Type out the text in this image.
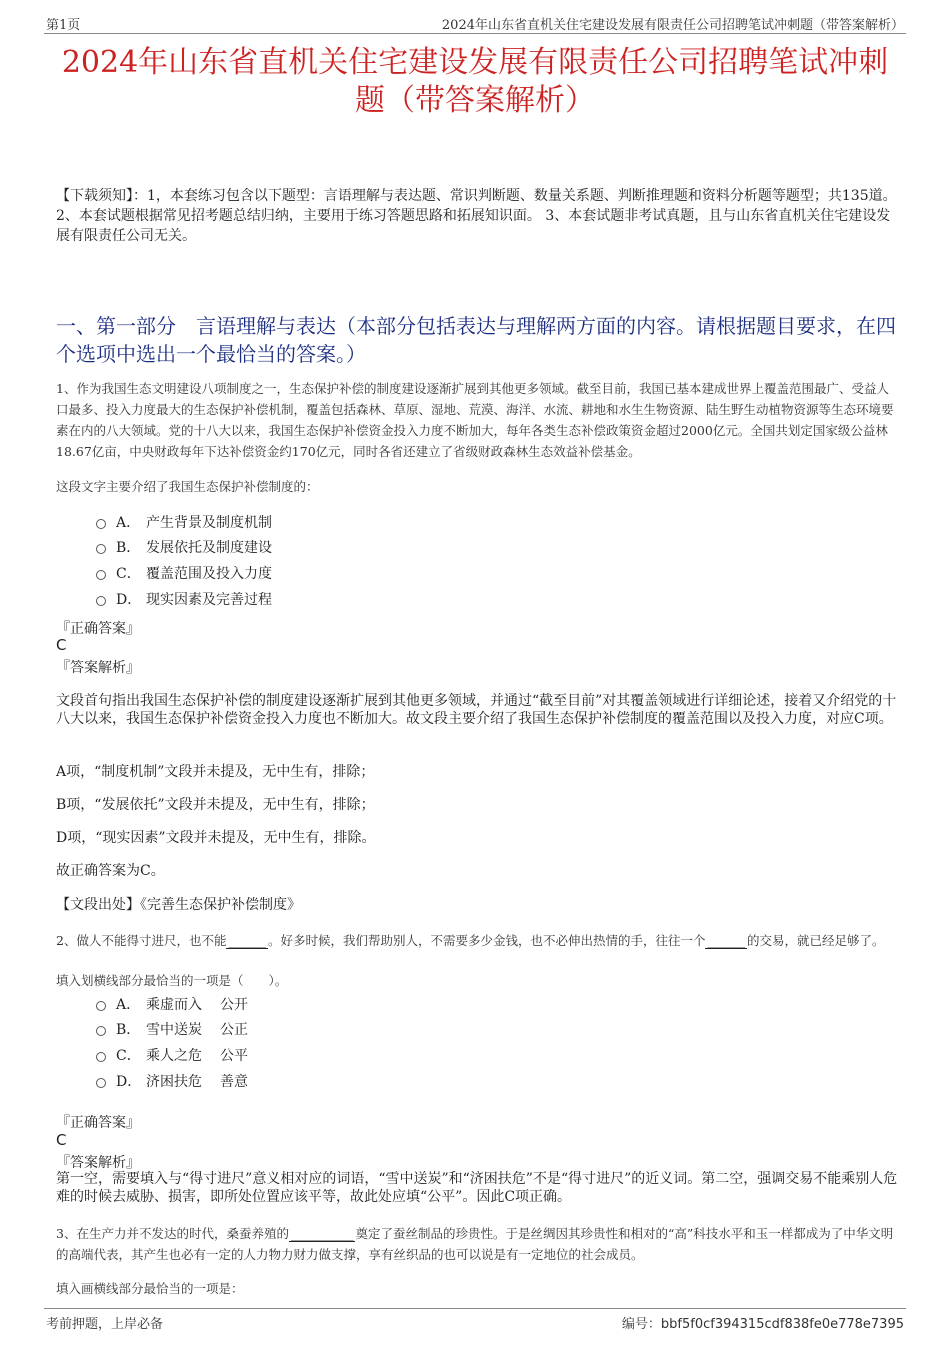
第1页	2024年山东省直机关住宅建设发展有限责任公司招聘笔试冲刺题（带答案解析）
2024年山东省直机关住宅建设发展有限责任公司招聘笔试冲刺题（带答案解析）
【下载须知】：1，本套练习包含以下题型：言语理解与表达题、常识判断题、数量关系题、判断推理题和资料分析题等题型；共135道。 2、本套试题根据常见招考题总结归纳，主要用于练习答题思路和拓展知识面。 3、本套试题非考试真题，且与山东省直机关住宅建设发展有限责任公司无关。
一、第一部分　言语理解与表达（本部分包括表达与理解两方面的内容。请根据题目要求，在四个选项中选出一个最恰当的答案。）
1、作为我国生态文明建设八项制度之一，生态保护补偿的制度建设逐渐扩展到其他更多领域。截至目前，我国已基本建成世界上覆盖范围最广、受益人口最多、投入力度最大的生态保护补偿机制，覆盖包括森林、草原、湿地、荒漠、海洋、水流、耕地和水生生物资源、陆生野生动植物资源等生态环境要素在内的八大领域。党的十八大以来，我国生态保护补偿资金投入力度不断加大，每年各类生态补偿政策资金超过2000亿元。全国共划定国家级公益林18.67亿亩，中央财政每年下达补偿资金约170亿元，同时各省还建立了省级财政森林生态效益补偿基金。
这段文字主要介绍了我国生态保护补偿制度的：
A． 产生背景及制度机制
B． 发展依托及制度建设
C． 覆盖范围及投入力度
D． 现实因素及完善过程
『正确答案』
C
『答案解析』
文段首句指出我国生态保护补偿的制度建设逐渐扩展到其他更多领域，并通过“截至目前”对其覆盖领域进行详细论述，接着又介绍党的十八大以来，我国生态保护补偿资金投入力度也不断加大。故文段主要介绍了我国生态保护补偿制度的覆盖范围以及投入力度，对应C项。
A项，“制度机制”文段并未提及，无中生有，排除；
B项，“发展依托”文段并未提及，无中生有，排除；
D项，“现实因素”文段并未提及，无中生有，排除。
故正确答案为C。
【文段出处】《完善生态保护补偿制度》
2、做人不能得寸进尺，也不能 ______ 。好多时候，我们帮助别人，不需要多少金钱，也不必伸出热情的手，往往一个 ______ 的交易，就已经足够了。
填入划横线部分最恰当的一项是（　　）。
A． 乘虚而入 公开
B． 雪中送炭 公正
C． 乘人之危 公平
D． 济困扶危 善意
『正确答案』
C
『答案解析』
第一空，需要填入与“得寸进尺”意义相对应的词语，“雪中送炭”和“济困扶危”不是“得寸进尺”的近义词。第二空，强调交易不能乘别人危难的时候去威胁、损害，即所处位置应该平等，故此处应填“公平”。因此C项正确。
3、在生产力并不发达的时代，桑蚕养殖的 __________ 奠定了蚕丝制品的珍贵性。于是丝绸因其珍贵性和相对的“高”科技水平和玉一样都成为了中华文明的高端代表，其产生也必有一定的人力物力财力做支撑，享有丝织品的也可以说是有一定地位的社会成员。
填入画横线部分最恰当的一项是：
考前押题，上岸必备	编号：bbf5f0cf394315cdf838fe0e778e7395
